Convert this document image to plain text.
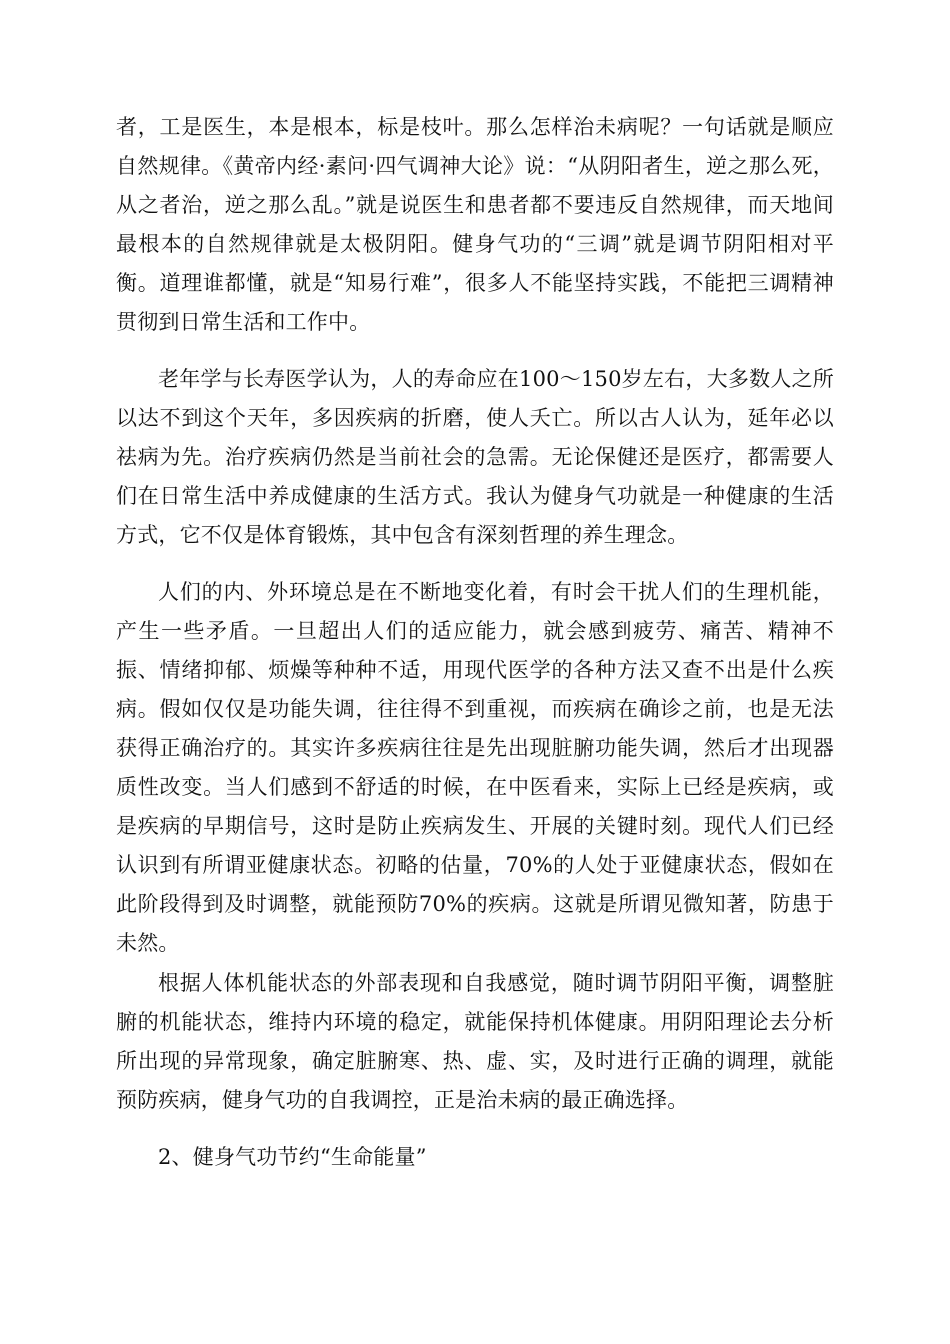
者，工是医生，本是根本，标是枝叶。那么怎样治未病呢？一句话就是顺应自然规律。《黄帝内经·素问·四气调神大论》说：“从阴阳者生，逆之那么死，从之者治，逆之那么乱。”就是说医生和患者都不要违反自然规律，而天地间最根本的自然规律就是太极阴阳。健身气功的“三调”就是调节阴阳相对平衡。道理谁都懂，就是“知易行难”，很多人不能坚持实践，不能把三调精神贯彻到日常生活和工作中。

老年学与长寿医学认为，人的寿命应在100～150岁左右，大多数人之所以达不到这个天年，多因疾病的折磨，使人夭亡。所以古人认为，延年必以祛病为先。治疗疾病仍然是当前社会的急需。无论保健还是医疗，都需要人们在日常生活中养成健康的生活方式。我认为健身气功就是一种健康的生活方式，它不仅是体育锻炼，其中包含有深刻哲理的养生理念。

人们的内、外环境总是在不断地变化着，有时会干扰人们的生理机能，产生一些矛盾。一旦超出人们的适应能力，就会感到疲劳、痛苦、精神不振、情绪抑郁、烦燥等种种不适，用现代医学的各种方法又查不出是什么疾病。假如仅仅是功能失调，往往得不到重视，而疾病在确诊之前，也是无法获得正确治疗的。其实许多疾病往往是先出现脏腑功能失调，然后才出现器质性改变。当人们感到不舒适的时候，在中医看来，实际上已经是疾病，或是疾病的早期信号，这时是防止疾病发生、开展的关键时刻。现代人们已经认识到有所谓亚健康状态。初略的估量，70%的人处于亚健康状态，假如在此阶段得到及时调整，就能预防70%的疾病。这就是所谓见微知著，防患于未然。

根据人体机能状态的外部表现和自我感觉，随时调节阴阳平衡，调整脏腑的机能状态，维持内环境的稳定，就能保持机体健康。用阴阳理论去分析所出现的异常现象，确定脏腑寒、热、虚、实，及时进行正确的调理，就能预防疾病，健身气功的自我调控，正是治未病的最正确选择。

2、健身气功节约“生命能量”
